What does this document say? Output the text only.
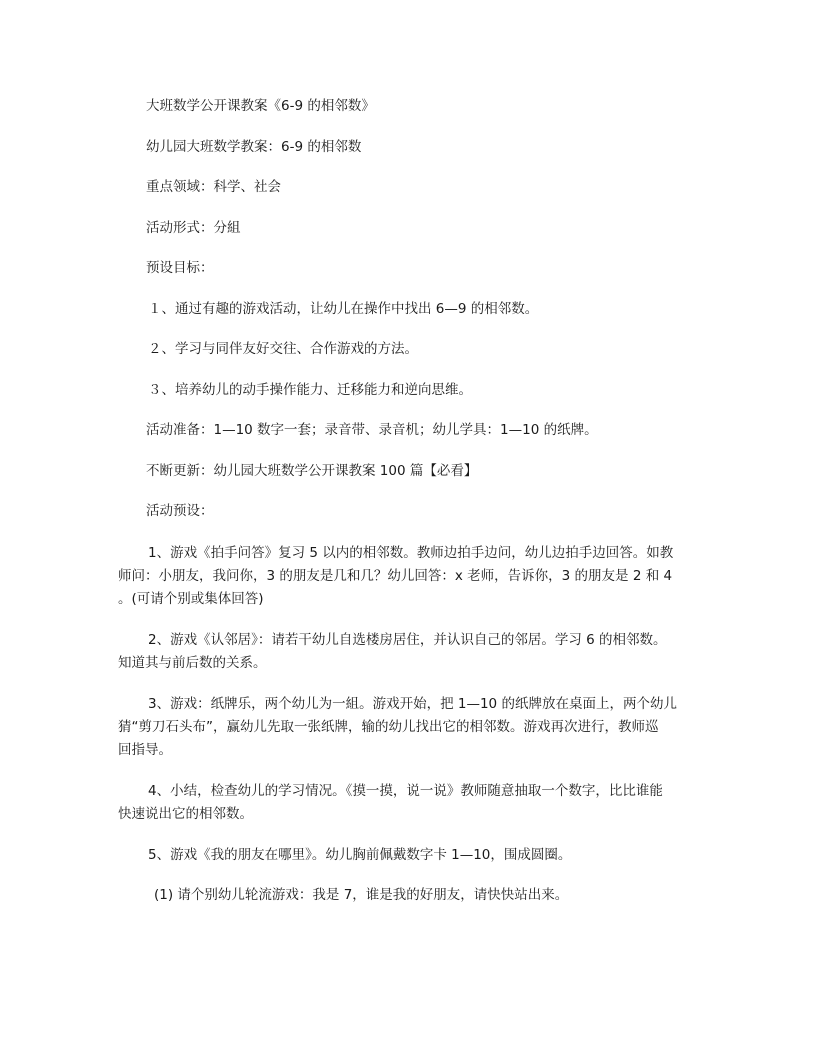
大班数学公开课教案《6-9 的相邻数》

幼儿园大班数学教案：6-9 的相邻数

重点领域：科学、社会

活动形式：分組

预设目标：

１、通过有趣的游戏活动，让幼儿在操作中找出 6—9 的相邻数。

２、学习与同伴友好交往、合作游戏的方法。

３、培养幼儿的动手操作能力、迁移能力和逆向思维。

活动准备：1—10 数字一套；录音带、录音机；幼儿学具：1—10 的纸牌。

不断更新：幼儿园大班数学公开课教案 100 篇【必看】

活动预设：

1、游戏《拍手问答》复习 5 以内的相邻数。教师边拍手边问，幼儿边拍手边回答。如教
师问：小朋友，我问你，3 的朋友是几和几？幼儿回答：x 老师，告诉你，3 的朋友是 2 和 4
。(可请个别或集体回答)
2、游戏《认邻居》：请若干幼儿自选楼房居住，并认识自己的邻居。学习 6 的相邻数。
知道其与前后数的关系。
3、游戏：纸牌乐，两个幼儿为一組。游戏开始，把 1—10 的纸牌放在桌面上，两个幼儿
猜“剪刀石头布”，赢幼儿先取一张纸牌，输的幼儿找出它的相邻数。游戏再次进行，教师巡
回指导。
4、小结，检查幼儿的学习情况。《摸一摸，说一说》教师随意抽取一个数字，比比谁能
快速说出它的相邻数。
5、游戏《我的朋友在哪里》。幼儿胸前佩戴数字卡 1—10，围成圆圈。

(1) 请个别幼儿轮流游戏：我是 7，谁是我的好朋友，请快快站出来。
